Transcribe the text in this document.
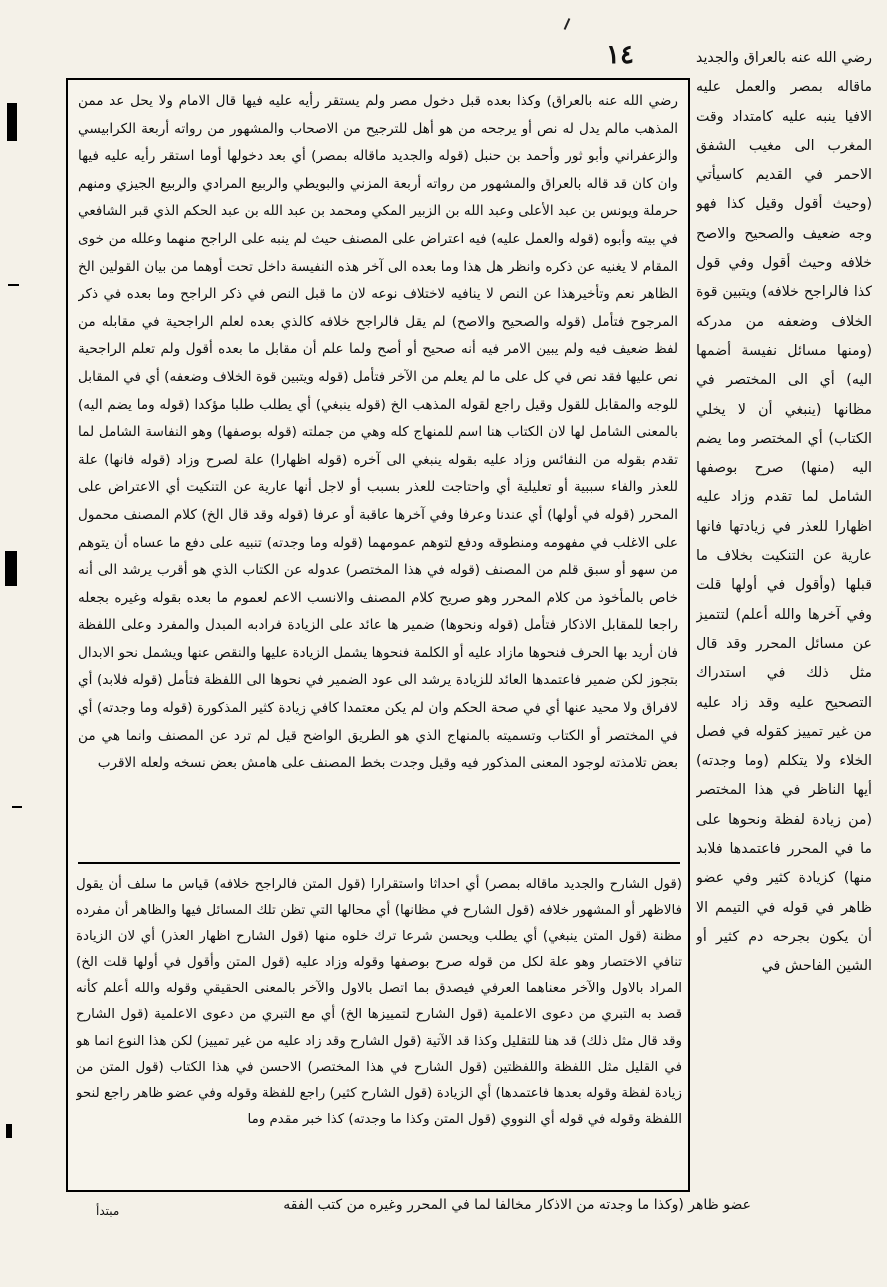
١٤

رضي الله عنه بالعراق) وكذا بعده قبل دخول مصر ولم يستقر رأيه عليه فيها قال الامام ولا يحل عد ممن المذهب مالم يدل له نص أو يرجحه من هو أهل للترجيح من الاصحاب والمشهور من رواته أربعة الكرابيسي والزعفراني وأبو ثور وأحمد بن حنبل (قوله والجديد ماقاله بمصر) أي بعد دخولها أوما استقر رأيه عليه فيها وان كان قد قاله بالعراق والمشهور من رواته أربعة المزني والبويطي والربيع المرادي والربيع الجيزي ومنهم حرملة ويونس بن عبد الأعلى وعبد الله بن الزبير المكي ومحمد بن عبد الله بن عبد الحكم الذي قبر الشافعي في بيته وأبوه (قوله والعمل عليه) فيه اعتراض على المصنف حيث لم ينبه على الراجح منهما وعلله من خوى المقام لا يغنيه عن ذكره وانظر هل هذا وما بعده الى آخر هذه النفيسة داخل تحت أوهما من بيان القولين الخ الظاهر نعم وتأخيرهذا عن النص لا ينافيه لاختلاف نوعه لان ما قبل النص في ذكر الراجح وما بعده في ذكر المرجوح فتأمل (قوله والصحيح والاصح) لم يقل فالراجح خلافه كالذي بعده لعلم الراجحية في مقابله من لفظ ضعيف فيه ولم يبين الامر فيه أنه صحيح أو أصح ولما علم أن مقابل ما بعده أقول ولم تعلم الراجحية نص عليها فقد نص في كل على ما لم يعلم من الآخر فتأمل (قوله ويتبين قوة الخلاف وضعفه) أي في المقابل للوجه والمقابل للقول وقيل راجع لقوله المذهب الخ (قوله ينبغي) أي يطلب طلبا مؤكدا (قوله وما يضم اليه) بالمعنى الشامل لها لان الكتاب هنا اسم للمنهاج كله وهي من جملته (قوله بوصفها) وهو النفاسة الشامل لما تقدم بقوله من النفائس وزاد عليه بقوله ينبغي الى آخره (قوله اظهارا) علة لصرح وزاد (قوله فانها) علة للعذر والفاء سببية أو تعليلية أي واحتاجت للعذر بسبب أو لاجل أنها عارية عن التنكيت أي الاعتراض على المحرر (قوله في أولها) أي عندنا وعرفا وفي آخرها عاقبة أو عرفا (قوله وقد قال الخ) كلام المصنف محمول على الاغلب في مفهومه ومنطوقه ودفع لتوهم عمومهما (قوله وما وجدته) تنبيه على دفع ما عساه أن يتوهم من سهو أو سبق قلم من المصنف (قوله في هذا المختصر) عدوله عن الكتاب الذي هو أقرب يرشد الى أنه خاص بالمأخوذ من كلام المحرر وهو صريح كلام المصنف والانسب الاعم لعموم ما بعده بقوله وغيره بجعله راجعا للمقابل الاذكار فتأمل (قوله ونحوها) ضمير ها عائد على الزيادة فرادبه المبدل والمفرد وعلى اللفظة فان أريد بها الحرف فنحوها مازاد عليه أو الكلمة فنحوها يشمل الزيادة عليها والنقص عنها ويشمل نحو الابدال بتجوز لكن ضمير فاعتمدها العائد للزيادة يرشد الى عود الضمير في نحوها الى اللفظة فتأمل (قوله فلابد) أي لافراق ولا محيد عنها أي في صحة الحكم وان لم يكن معتمدا كافي زيادة كثير المذكورة (قوله وما وجدته) أي في المختصر أو الكتاب وتسميته بالمنهاج الذي هو الطريق الواضح قيل لم ترد عن المصنف وانما هي من بعض تلامذته لوجود المعنى المذكور فيه وقيل وجدت بخط المصنف على هامش بعض نسخه ولعله الاقرب

(قول الشارح والجديد ماقاله بمصر) أي احداثا واستقرارا (قول المتن فالراجح خلافه) قياس ما سلف أن يقول فالاظهر أو المشهور خلافه (قول الشارح في مظانها) أي محالها التي تظن تلك المسائل فيها والظاهر أن مفرده مظنة (قول المتن ينبغي) أي يطلب ويحسن شرعا ترك خلوه منها (قول الشارح اظهار العذر) أي لان الزيادة تنافي الاختصار وهو علة لكل من قوله صرح بوصفها وقوله وزاد عليه (قول المتن وأقول في أولها قلت الخ) المراد بالاول والآخر معناهما العرفي فيصدق بما اتصل بالاول والآخر بالمعنى الحقيقي وقوله والله أعلم كأنه قصد به التبري من دعوى الاعلمية (قول الشارح لتمييزها الخ) أي مع التبري من دعوى الاعلمية (قول الشارح وقد قال مثل ذلك) قد هنا للتقليل وكذا قد الآتية (قول الشارح وقد زاد عليه من غير تمييز) لكن هذا النوع انما هو في القليل مثل اللفظة واللفظتين (قول الشارح في هذا المختصر) الاحسن في هذا الكتاب (قول المتن من زيادة لفظة وقوله بعدها فاعتمدها) أي الزيادة (قول الشارح كثير) راجع للفظة وقوله وفي عضو ظاهر راجع لنحو اللفظة وقوله في قوله أي النووي (قول المتن وكذا ما وجدته) كذا خبر مقدم وما

رضي الله عنه بالعراق والجديد ماقاله بمصر والعمل عليه الافيا ينبه عليه كامتداد وقت المغرب الى مغيب الشفق الاحمر في القديم كاسيأتي (وحيث أقول وقيل كذا فهو وجه ضعيف والصحيح والاصح خلافه وحيث أقول وفي قول كذا فالراجح خلافه) ويتبين قوة الخلاف وضعفه من مدركه (ومنها مسائل نفيسة أضمها اليه) أي الى المختصر في مظانها (ينبغي أن لا يخلي الكتاب) أي المختصر وما يضم اليه (منها) صرح بوصفها الشامل لما تقدم وزاد عليه اظهارا للعذر في زيادتها فانها عارية عن التنكيت بخلاف ما قبلها (وأقول في أولها قلت وفي آخرها والله أعلم) لتتميز عن مسائل المحرر وقد قال مثل ذلك في استدراك التصحيح عليه وقد زاد عليه من غير تمييز كقوله في فصل الخلاء ولا يتكلم (وما وجدته) أيها الناظر في هذا المختصر (من زيادة لفظة ونحوها على ما في المحرر فاعتمدها فلابد منها) كزيادة كثير وفي عضو ظاهر في قوله في التيمم الا أن يكون بجرحه دم كثير أو الشين الفاحش في

عضو ظاهر (وكذا ما وجدته من الاذكار مخالفا لما في المحرر وغيره من كتب الفقه
مبتدأ
